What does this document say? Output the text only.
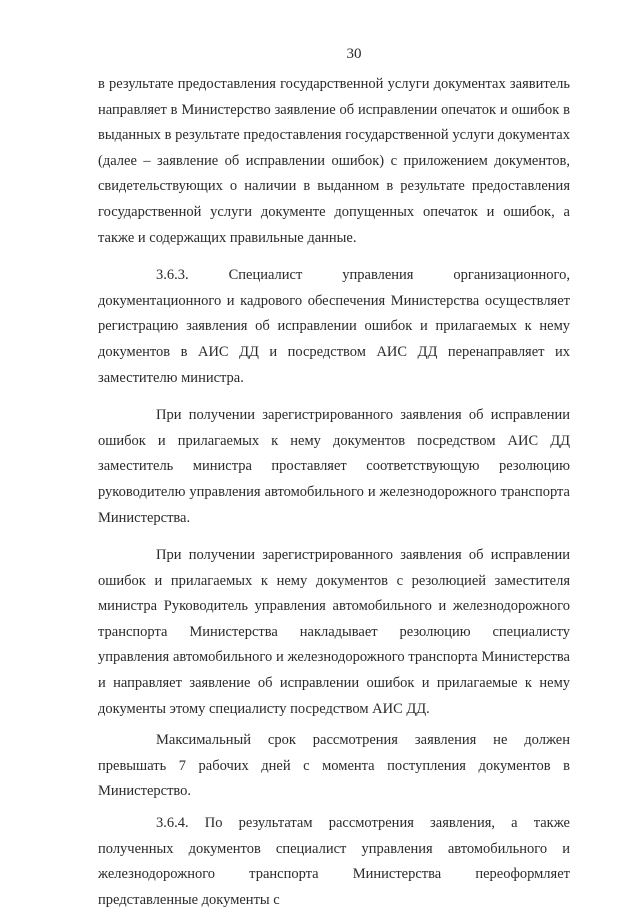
30

в результате предоставления государственной услуги документах заявитель направляет в Министерство заявление об исправлении опечаток и ошибок в выданных в результате предоставления государственной услуги документах (далее – заявление об исправлении ошибок) с приложением документов, свидетельствующих о наличии в выданном в результате предоставления государственной услуги документе допущенных опечаток и ошибок, а также и содержащих правильные данные.

3.6.3. Специалист управления организационного, документационного и кадрового обеспечения Министерства осуществляет регистрацию заявления об исправлении ошибок и прилагаемых к нему документов в АИС ДД и посредством АИС ДД перенаправляет их заместителю министра.

При получении зарегистрированного заявления об исправлении ошибок и прилагаемых к нему документов посредством АИС ДД заместитель министра проставляет соответствующую резолюцию руководителю управления автомобильного и железнодорожного транспорта Министерства.

При получении зарегистрированного заявления об исправлении ошибок и прилагаемых к нему документов с резолюцией заместителя министра Руководитель управления автомобильного и железнодорожного транспорта Министерства накладывает резолюцию специалисту управления автомобильного и железнодорожного транспорта Министерства и направляет заявление об исправлении ошибок и прилагаемые к нему документы этому специалисту посредством АИС ДД.

Максимальный срок рассмотрения заявления не должен превышать 7 рабочих дней с момента поступления документов в Министерство.

3.6.4. По результатам рассмотрения заявления, а также полученных документов специалист управления автомобильного и железнодорожного транспорта Министерства переоформляет представленные документы с
